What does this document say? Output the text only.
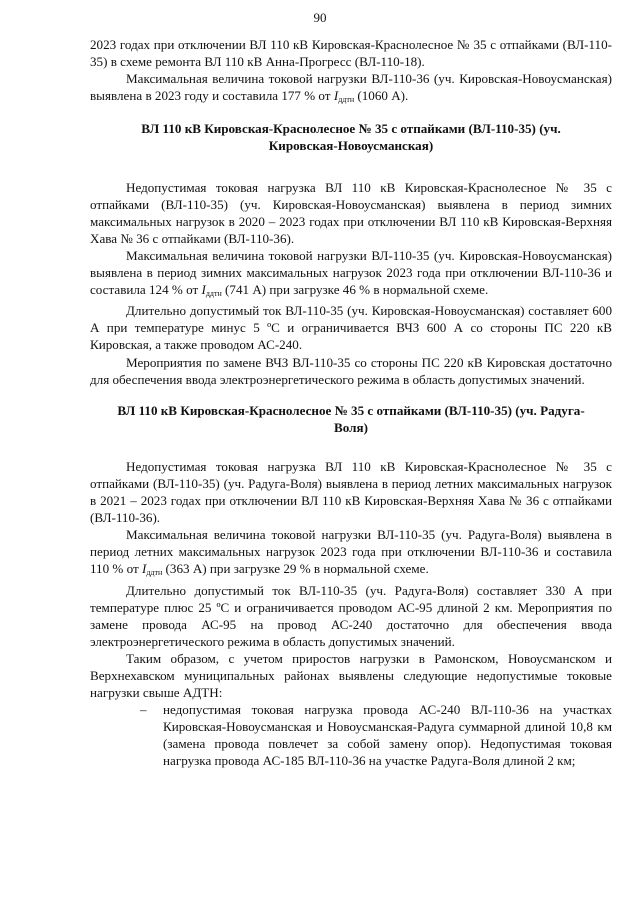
90

2023 годах при отключении ВЛ 110 кВ Кировская-Краснолесное № 35 с отпайками (ВЛ-110-35) в схеме ремонта ВЛ 110 кВ Анна-Прогресс (ВЛ-110-18).

Максимальная величина токовой нагрузки ВЛ-110-36 (уч. Кировская-Новоусманская) выявлена в 2023 году и составила 177 % от $I_{ддтн}$ (1060 А).

ВЛ 110 кВ Кировская-Краснолесное № 35 с отпайками (ВЛ-110-35) (уч. Кировская-Новоусманская)

Недопустимая токовая нагрузка ВЛ 110 кВ Кировская-Краснолесное № 35 с отпайками (ВЛ-110-35) (уч. Кировская-Новоусманская) выявлена в период зимних максимальных нагрузок в 2020 – 2023 годах при отключении ВЛ 110 кВ Кировская-Верхняя Хава № 36 с отпайками (ВЛ-110-36).

Максимальная величина токовой нагрузки ВЛ-110-35 (уч. Кировская-Новоусманская) выявлена в период зимних максимальных нагрузок 2023 года при отключении ВЛ-110-36 и составила 124 % от $I_{ддтн}$ (741 А) при загрузке 46 % в нормальной схеме.

Длительно допустимый ток ВЛ-110-35 (уч. Кировская-Новоусманская) составляет 600 А при температуре минус 5 ºС и ограничивается ВЧЗ 600 А со стороны ПС 220 кВ Кировская, а также проводом АС-240.

Мероприятия по замене ВЧЗ ВЛ-110-35 со стороны ПС 220 кВ Кировская достаточно для обеспечения ввода электроэнергетического режима в область допустимых значений.

ВЛ 110 кВ Кировская-Краснолесное № 35 с отпайками (ВЛ-110-35) (уч. Радуга-Воля)

Недопустимая токовая нагрузка ВЛ 110 кВ Кировская-Краснолесное № 35 с отпайками (ВЛ-110-35) (уч. Радуга-Воля) выявлена в период летних максимальных нагрузок в 2021 – 2023 годах при отключении ВЛ 110 кВ Кировская-Верхняя Хава № 36 с отпайками (ВЛ-110-36).

Максимальная величина токовой нагрузки ВЛ-110-35 (уч. Радуга-Воля) выявлена в период летних максимальных нагрузок 2023 года при отключении ВЛ-110-36 и составила 110 % от $I_{ддтн}$ (363 А) при загрузке 29 % в нормальной схеме.

Длительно допустимый ток ВЛ-110-35 (уч. Радуга-Воля) составляет 330 А при температуре плюс 25 ºС и ограничивается проводом АС-95 длиной 2 км. Мероприятия по замене провода АС-95 на провод АС-240 достаточно для обеспечения ввода электроэнергетического режима в область допустимых значений.

Таким образом, с учетом приростов нагрузки в Рамонском, Новоусманском и Верхнехавском муниципальных районах выявлены следующие недопустимые токовые нагрузки свыше АДТН:

– недопустимая токовая нагрузка провода АС-240 ВЛ-110-36 на участках Кировская-Новоусманская и Новоусманская-Радуга суммарной длиной 10,8 км (замена провода повлечет за собой замену опор). Недопустимая токовая нагрузка провода АС-185 ВЛ-110-36 на участке Радуга-Воля длиной 2 км;
